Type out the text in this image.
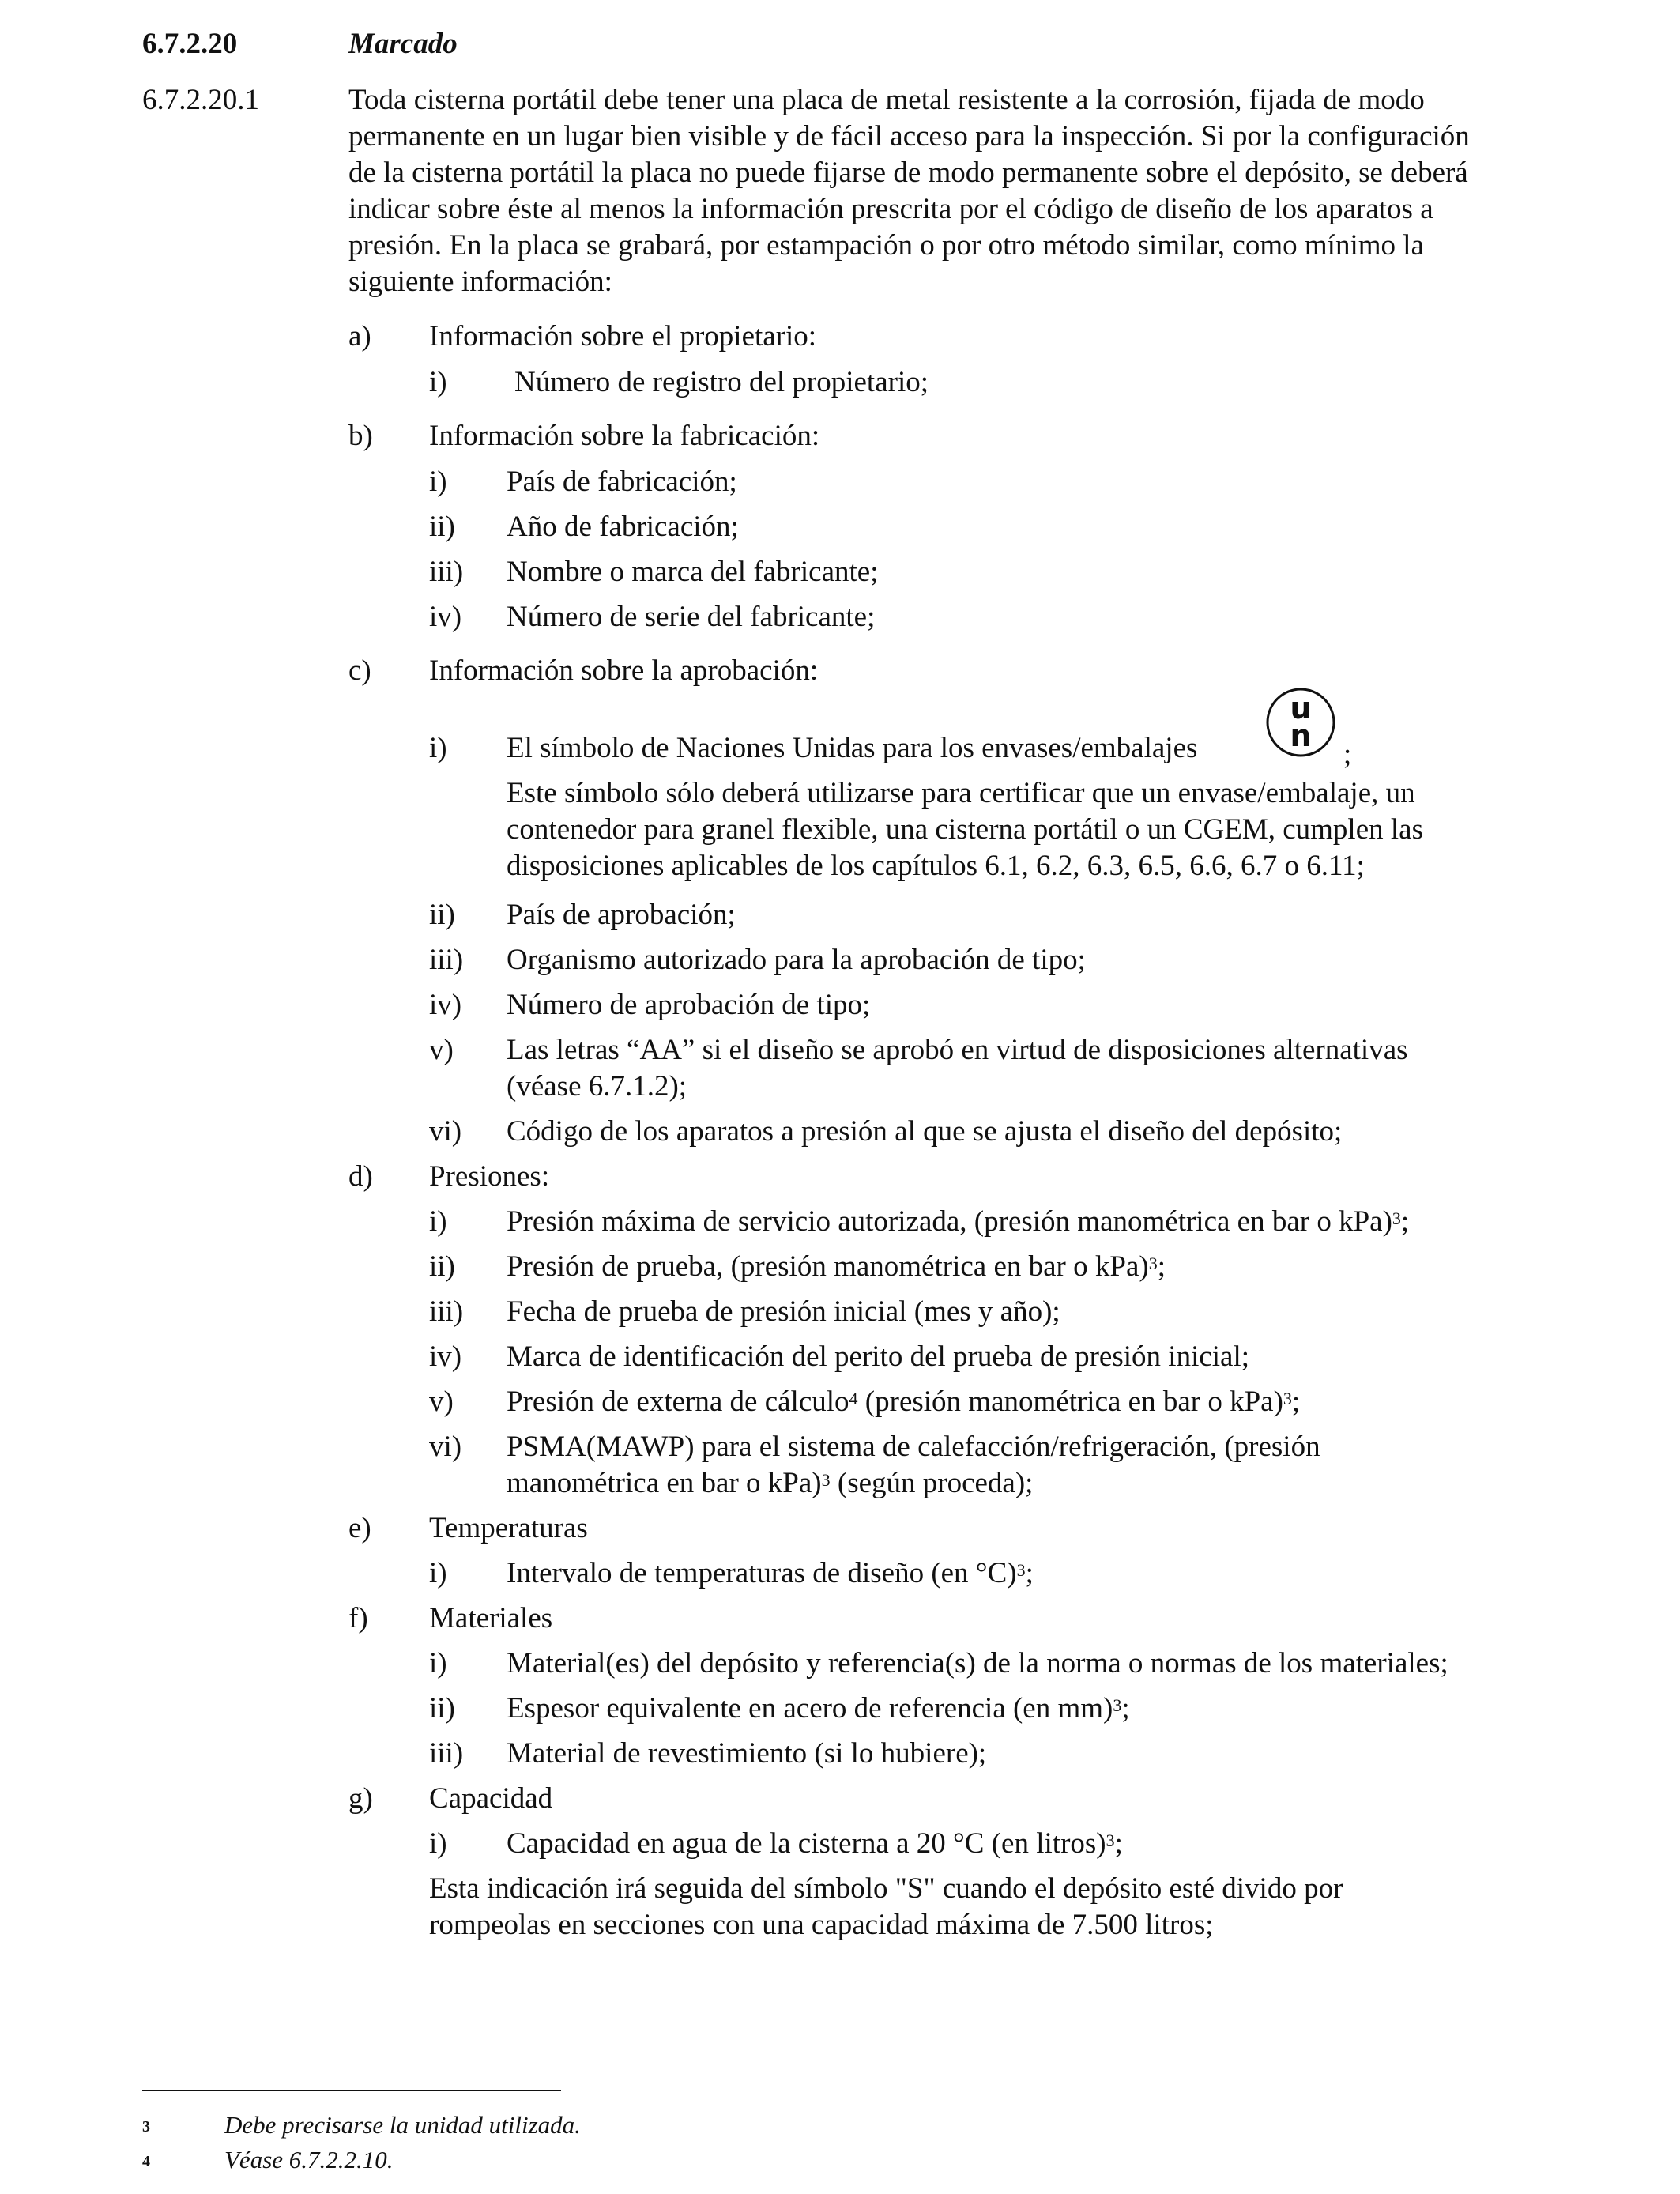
6.7.2.20	Marcado
6.7.2.20.1	Toda cisterna portátil debe tener una placa de metal resistente a la corrosión, fijada de modo
permanente en un lugar bien visible y de fácil acceso para la inspección. Si por la configuración
de la cisterna portátil la placa no puede fijarse de modo permanente sobre el depósito, se deberá
indicar sobre éste al menos la información prescrita por el código de diseño de los aparatos a
presión. En la placa se grabará, por estampación o por otro método similar, como mínimo la
siguiente información:
a) Información sobre el propietario:
i) Número de registro del propietario;
b) Información sobre la fabricación:
i) País de fabricación;
ii) Año de fabricación;
iii) Nombre o marca del fabricante;
iv) Número de serie del fabricante;
c) Información sobre la aprobación:
i) El símbolo de Naciones Unidas para los envases/embalajes
u
n
;
Este símbolo sólo deberá utilizarse para certificar que un envase/embalaje, un
contenedor para granel flexible, una cisterna portátil o un CGEM, cumplen las
disposiciones aplicables de los capítulos 6.1, 6.2, 6.3, 6.5, 6.6, 6.7 o 6.11;
ii) País de aprobación;
iii) Organismo autorizado para la aprobación de tipo;
iv) Número de aprobación de tipo;
v) Las letras “AA” si el diseño se aprobó en virtud de disposiciones alternativas
(véase 6.7.1.2);
vi) Código de los aparatos a presión al que se ajusta el diseño del depósito;
d) Presiones:
i) Presión máxima de servicio autorizada, (presión manométrica en bar o kPa)$^3$;
ii) Presión de prueba, (presión manométrica en bar o kPa)$^3$;
iii) Fecha de prueba de presión inicial (mes y año);
iv) Marca de identificación del perito del prueba de presión inicial;
v) Presión de externa de cálculo$^4$ (presión manométrica en bar o kPa)$^3$;
vi) PSMA(MAWP) para el sistema de calefacción/refrigeración, (presión
manométrica en bar o kPa)$^3$ (según proceda);
e) Temperaturas
i) Intervalo de temperaturas de diseño (en °C)$^3$;
f) Materiales
i) Material(es) del depósito y referencia(s) de la norma o normas de los materiales;
ii) Espesor equivalente en acero de referencia (en mm)$^3$;
iii) Material de revestimiento (si lo hubiere);
g) Capacidad
i) Capacidad en agua de la cisterna a 20 °C (en litros)$^3$;
Esta indicación irá seguida del símbolo "S" cuando el depósito esté divido por
rompeolas en secciones con una capacidad máxima de 7.500 litros;
3	Debe precisarse la unidad utilizada.
4	Véase 6.7.2.2.10.
